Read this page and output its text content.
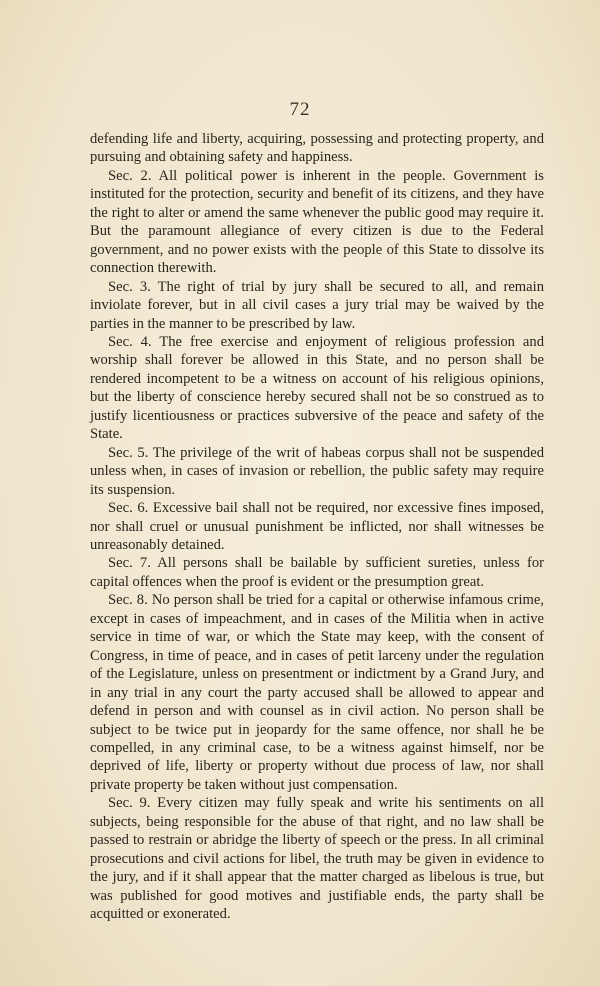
72

defending life and liberty, acquiring, possessing and protecting property, and pursuing and obtaining safety and happiness.

Sec. 2. All political power is inherent in the people. Government is instituted for the protection, security and benefit of its citizens, and they have the right to alter or amend the same whenever the public good may require it. But the paramount allegiance of every citizen is due to the Federal government, and no power exists with the people of this State to dissolve its connection therewith.

Sec. 3. The right of trial by jury shall be secured to all, and remain inviolate forever, but in all civil cases a jury trial may be waived by the parties in the manner to be prescribed by law.

Sec. 4. The free exercise and enjoyment of religious profession and worship shall forever be allowed in this State, and no person shall be rendered incompetent to be a witness on account of his religious opinions, but the liberty of conscience hereby secured shall not be so construed as to justify licentiousness or practices subversive of the peace and safety of the State.

Sec. 5. The privilege of the writ of habeas corpus shall not be suspended unless when, in cases of invasion or rebellion, the public safety may require its suspension.

Sec. 6. Excessive bail shall not be required, nor excessive fines imposed, nor shall cruel or unusual punishment be inflicted, nor shall witnesses be unreasonably detained.

Sec. 7. All persons shall be bailable by sufficient sureties, unless for capital offences when the proof is evident or the presumption great.

Sec. 8. No person shall be tried for a capital or otherwise infamous crime, except in cases of impeachment, and in cases of the Militia when in active service in time of war, or which the State may keep, with the consent of Congress, in time of peace, and in cases of petit larceny under the regulation of the Legislature, unless on presentment or indictment by a Grand Jury, and in any trial in any court the party accused shall be allowed to appear and defend in person and with counsel as in civil action. No person shall be subject to be twice put in jeopardy for the same offence, nor shall he be compelled, in any criminal case, to be a witness against himself, nor be deprived of life, liberty or property without due process of law, nor shall private property be taken without just compensation.

Sec. 9. Every citizen may fully speak and write his sentiments on all subjects, being responsible for the abuse of that right, and no law shall be passed to restrain or abridge the liberty of speech or the press. In all criminal prosecutions and civil actions for libel, the truth may be given in evidence to the jury, and if it shall appear that the matter charged as libelous is true, but was published for good motives and justifiable ends, the party shall be acquitted or exonerated.
